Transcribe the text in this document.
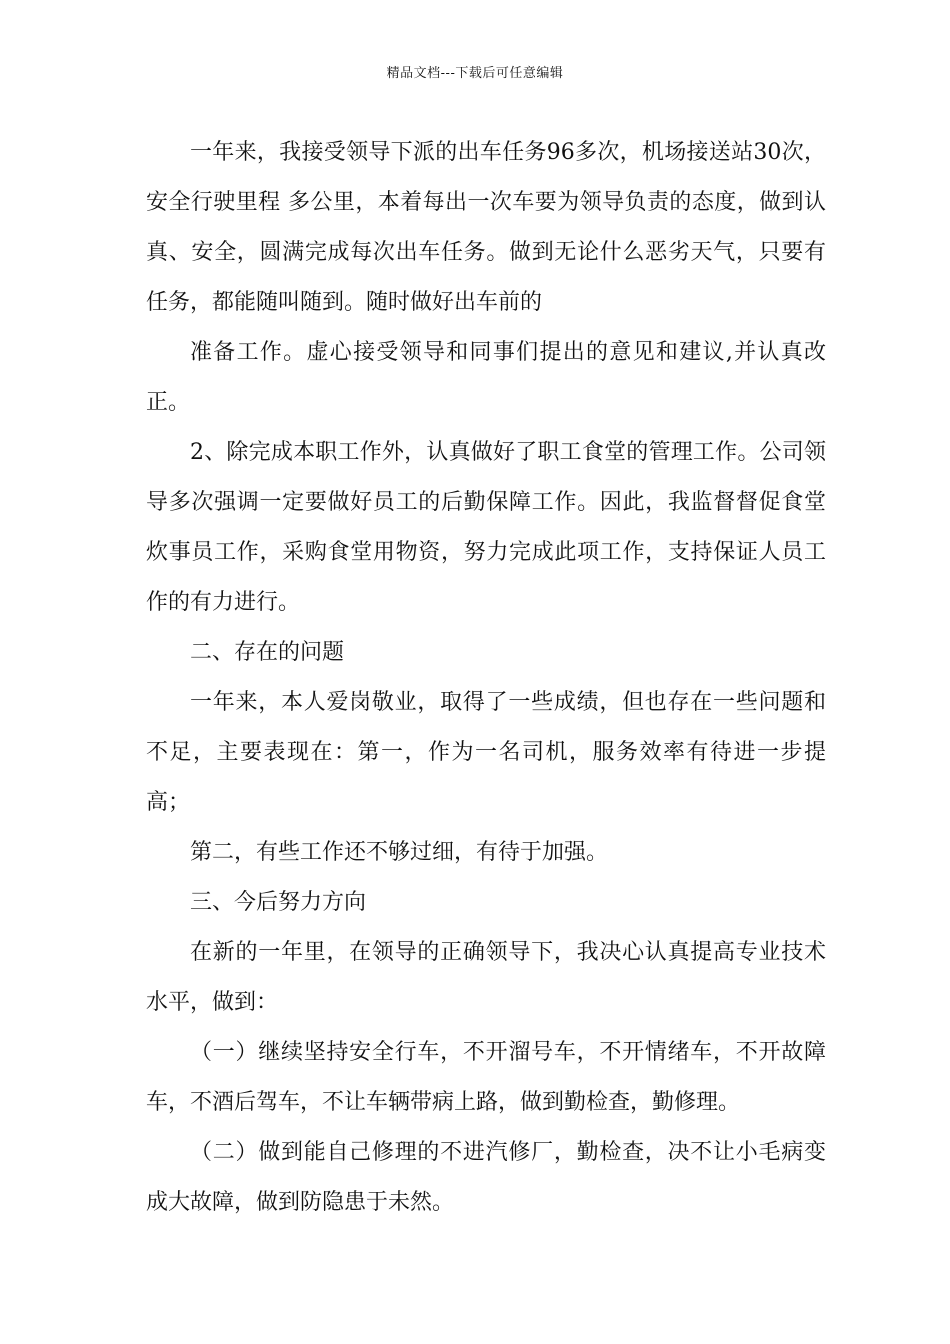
精品文档---下载后可任意编辑

一年来，我接受领导下派的出车任务96多次，机场接送站30次，安全行驶里程 多公里，本着每出一次车要为领导负责的态度，做到认真、安全，圆满完成每次出车任务。做到无论什么恶劣天气，只要有任务，都能随叫随到。随时做好出车前的

准备工作。虚心接受领导和同事们提出的意见和建议,并认真改正。

2、除完成本职工作外，认真做好了职工食堂的管理工作。公司领导多次强调一定要做好员工的后勤保障工作。因此，我监督督促食堂炊事员工作，采购食堂用物资，努力完成此项工作，支持保证人员工作的有力进行。

二、存在的问题

一年来，本人爱岗敬业，取得了一些成绩，但也存在一些问题和不足，主要表现在：第一，作为一名司机，服务效率有待进一步提高；

第二，有些工作还不够过细，有待于加强。

三、今后努力方向

在新的一年里，在领导的正确领导下，我决心认真提高专业技术水平，做到：

（一）继续坚持安全行车，不开溜号车，不开情绪车，不开故障车，不酒后驾车，不让车辆带病上路，做到勤检查，勤修理。

（二）做到能自己修理的不进汽修厂，勤检查，决不让小毛病变成大故障，做到防隐患于未然。
